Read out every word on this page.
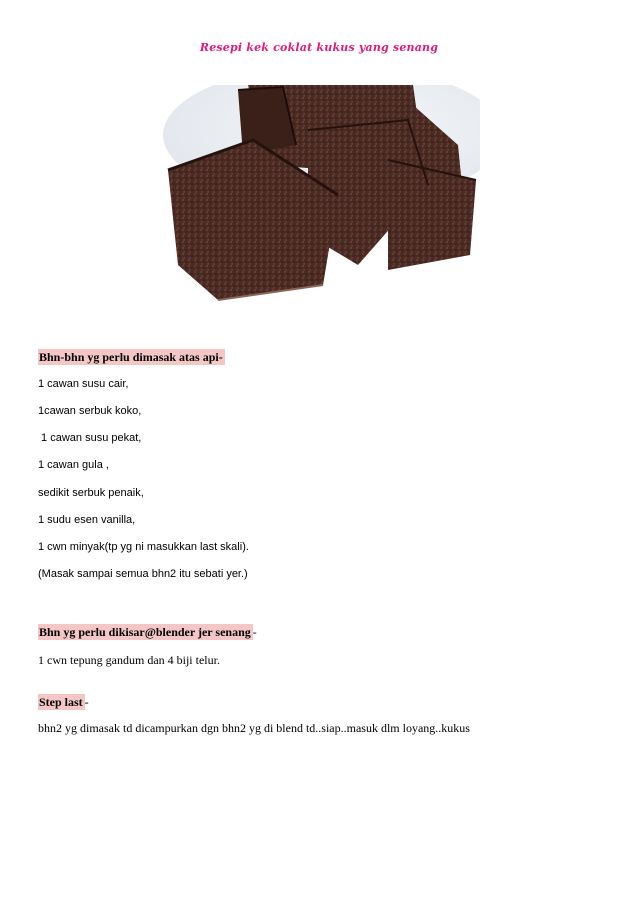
Resepi kek coklat kukus yang senang
Bhn-bhn yg perlu dimasak atas api-
1 cawan susu cair,
1cawan serbuk koko,
1 cawan susu pekat,
1 cawan gula ,
sedikit serbuk penaik,
1 sudu esen vanilla,
1 cwn minyak(tp yg ni masukkan last skali).
(Masak sampai semua bhn2 itu sebati yer.)
Bhn yg perlu dikisar@blender jer senang -
1 cwn tepung gandum dan 4 biji telur.
Step last -
bhn2 yg dimasak td dicampurkan dgn bhn2 yg di blend td..siap..masuk dlm loyang..kukus
